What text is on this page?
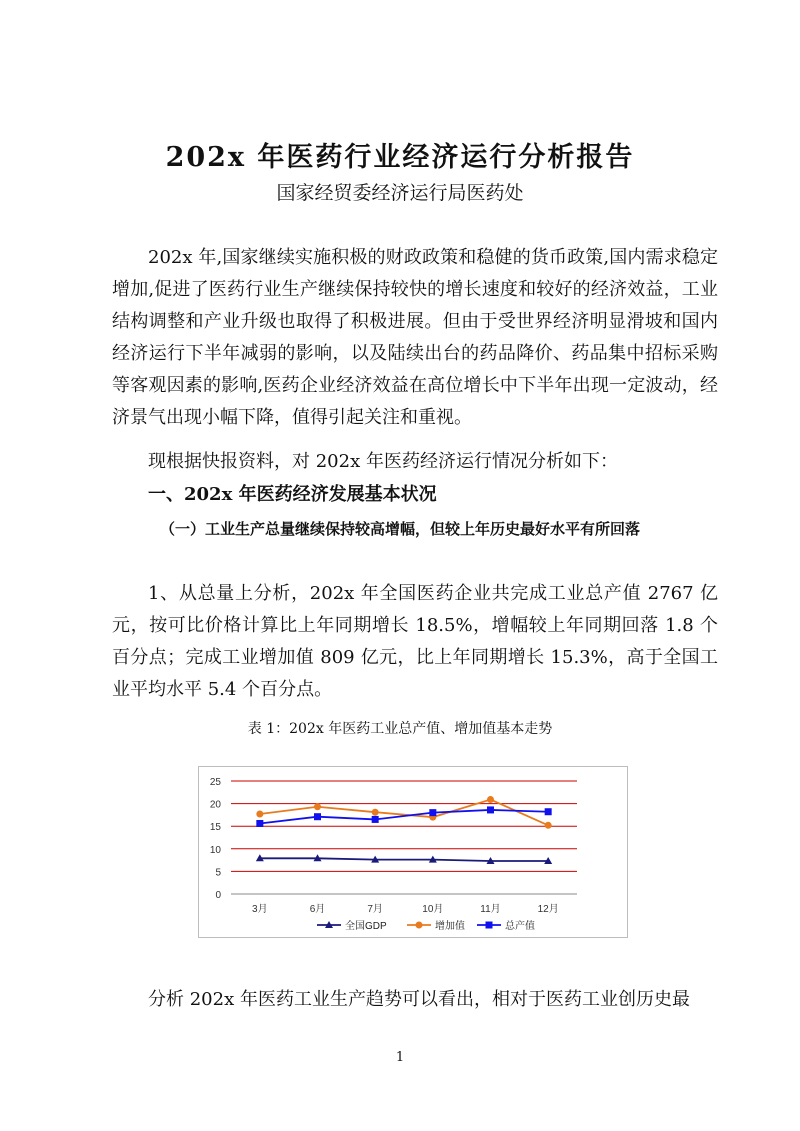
202x 年医药行业经济运行分析报告
国家经贸委经济运行局医药处

202x 年,国家继续实施积极的财政政策和稳健的货币政策,国内需求稳定增加,促进了医药行业生产继续保持较快的增长速度和较好的经济效益，工业结构调整和产业升级也取得了积极进展。但由于受世界经济明显滑坡和国内经济运行下半年减弱的影响，以及陆续出台的药品降价、药品集中招标采购等客观因素的影响,医药企业经济效益在高位增长中下半年出现一定波动，经济景气出现小幅下降，值得引起关注和重视。

现根据快报资料，对 202x 年医药经济运行情况分析如下：

一、202x 年医药经济发展基本状况

（一）工业生产总量继续保持较高增幅，但较上年历史最好水平有所回落

1、从总量上分析，202x 年全国医药企业共完成工业总产值 2767 亿元，按可比价格计算比上年同期增长 18.5%，增幅较上年同期回落 1.8 个百分点；完成工业增加值 809 亿元，比上年同期增长 15.3%，高于全国工业平均水平 5.4 个百分点。

表 1：202x 年医药工业总产值、增加值基本走势
0
5
10
15
20
25
3月	6月	7月	10月	11月	12月
全国GDP	增加值	总产值

分析 202x 年医药工业生产趋势可以看出，相对于医药工业创历史最

1
